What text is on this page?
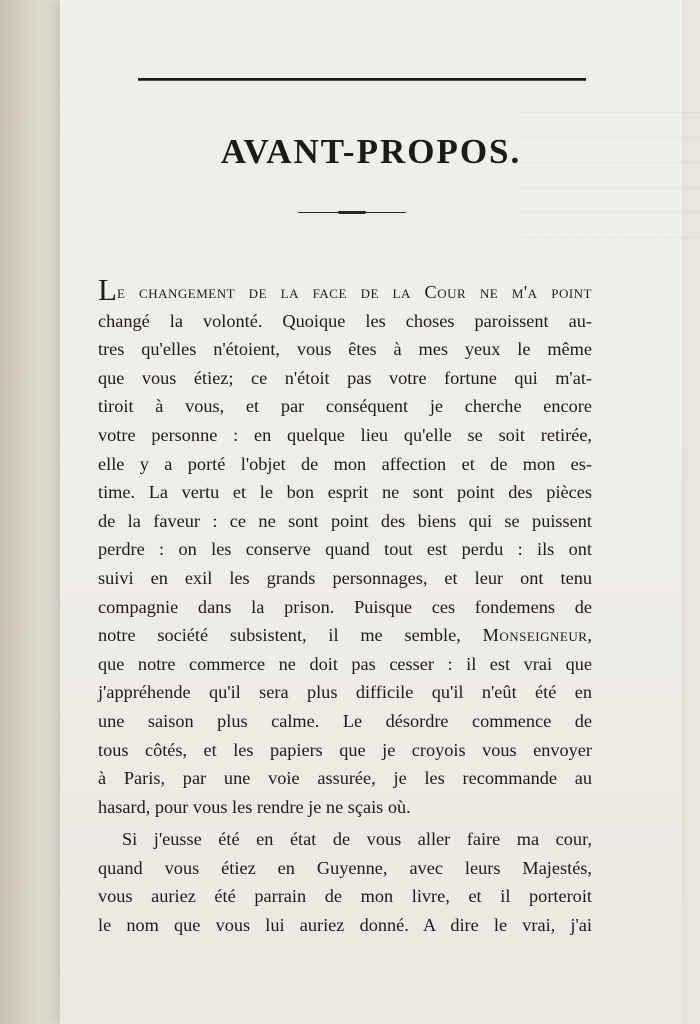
————————————
————————————
————————————
————————————
————————————
————————————
AVANT-PROPOS.
Le changement de la face de la Cour ne m'a point
changé la volonté. Quoique les choses paroissent au-
tres qu'elles n'étoient, vous êtes à mes yeux le même
que vous étiez; ce n'étoit pas votre fortune qui m'at-
tiroit à vous, et par conséquent je cherche encore
votre personne : en quelque lieu qu'elle se soit retirée,
elle y a porté l'objet de mon affection et de mon es-
time. La vertu et le bon esprit ne sont point des pièces
de la faveur : ce ne sont point des biens qui se puissent
perdre : on les conserve quand tout est perdu : ils ont
suivi en exil les grands personnages, et leur ont tenu
compagnie dans la prison. Puisque ces fondemens de
notre société subsistent, il me semble, Monseigneur,
que notre commerce ne doit pas cesser : il est vrai que
j'appréhende qu'il sera plus difficile qu'il n'eût été en
une saison plus calme. Le désordre commence de
tous côtés, et les papiers que je croyois vous envoyer
à Paris, par une voie assurée, je les recommande au
hasard, pour vous les rendre je ne sçais où.
Si j'eusse été en état de vous aller faire ma cour,
quand vous étiez en Guyenne, avec leurs Majestés,
vous auriez été parrain de mon livre, et il porteroit
le nom que vous lui auriez donné. A dire le vrai, j'ai
